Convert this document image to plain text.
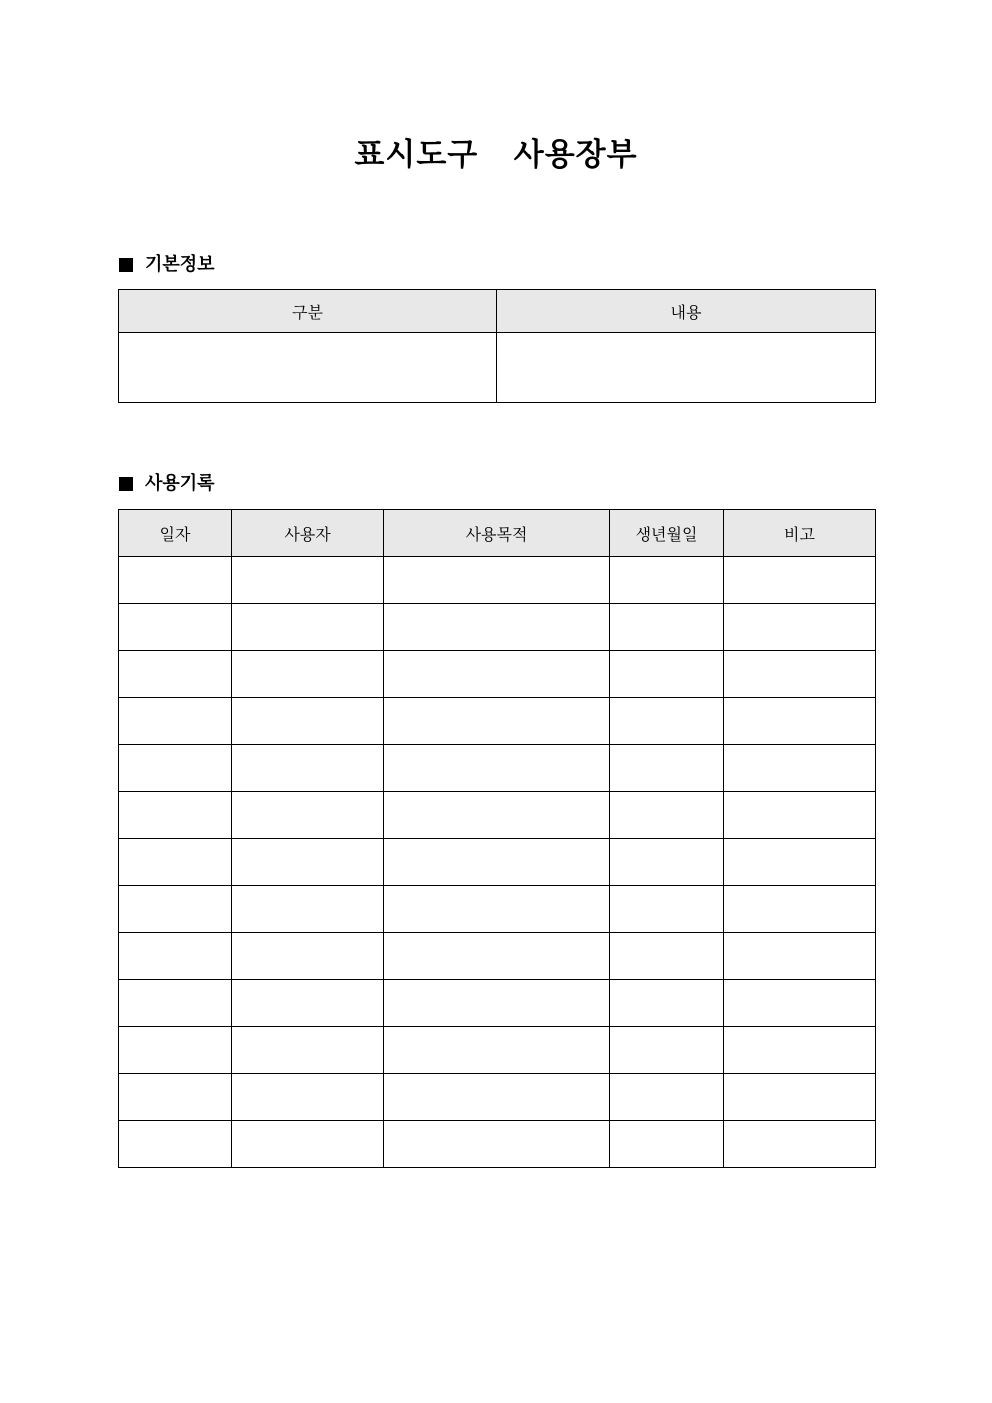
표시도구  사용장부
기본정보
구분	내용

사용기록
일자	사용자	사용목적	생년월일	비고
